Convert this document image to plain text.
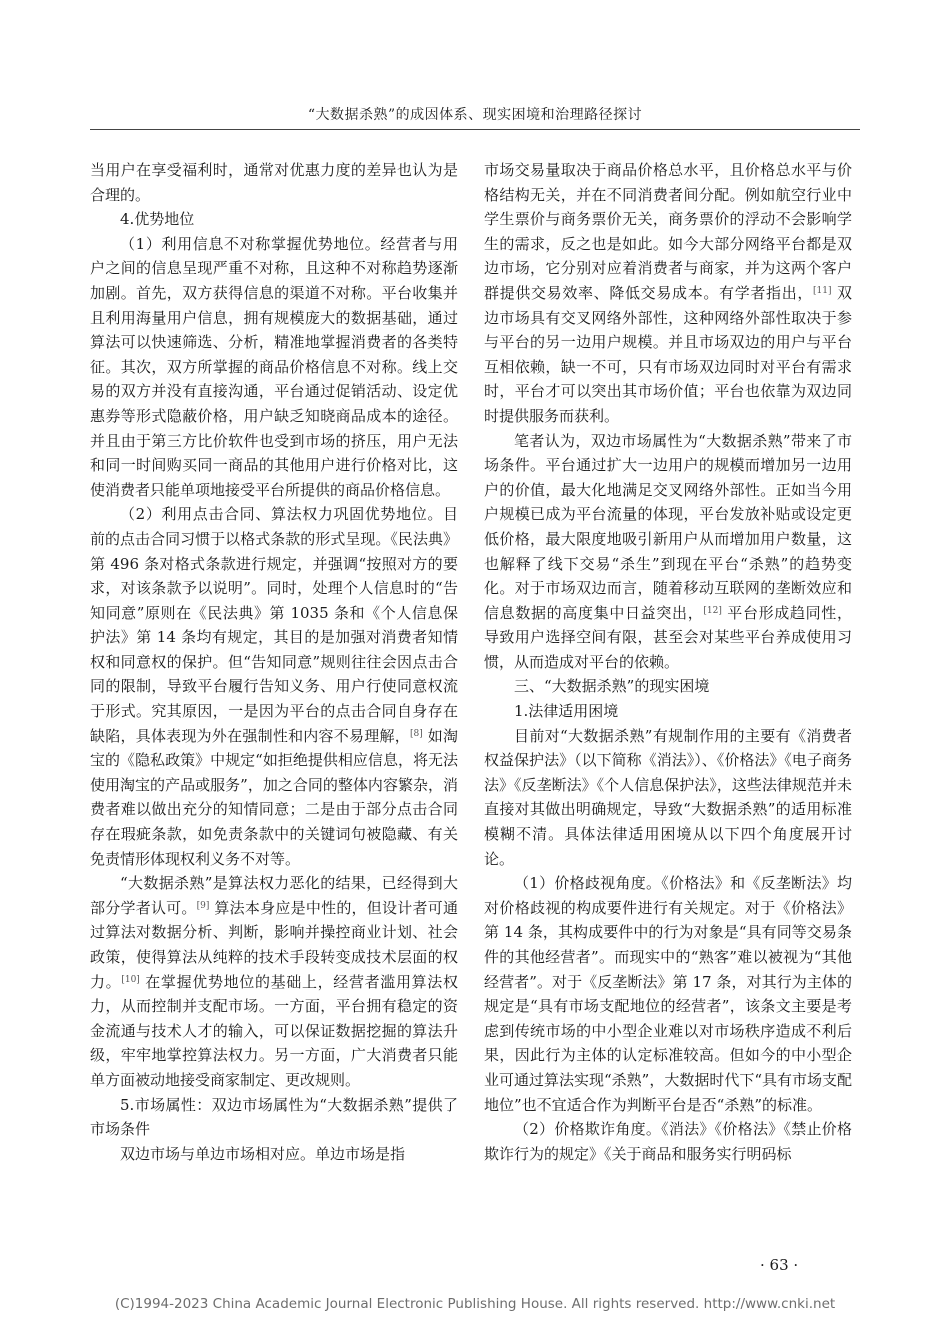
“大数据杀熟”的成因体系、现实困境和治理路径探讨

当用户在享受福利时，通常对优惠力度的差异也认为是合理的。

4.优势地位

（1）利用信息不对称掌握优势地位。经营者与用户之间的信息呈现严重不对称，且这种不对称趋势逐渐加剧。首先，双方获得信息的渠道不对称。平台收集并且利用海量用户信息，拥有规模庞大的数据基础，通过算法可以快速筛选、分析，精准地掌握消费者的各类特征。其次，双方所掌握的商品价格信息不对称。线上交易的双方并没有直接沟通，平台通过促销活动、设定优惠券等形式隐蔽价格，用户缺乏知晓商品成本的途径。并且由于第三方比价软件也受到市场的挤压，用户无法和同一时间购买同一商品的其他用户进行价格对比，这使消费者只能单项地接受平台所提供的商品价格信息。

（2）利用点击合同、算法权力巩固优势地位。目前的点击合同习惯于以格式条款的形式呈现。《民法典》第 496 条对格式条款进行规定，并强调“按照对方的要求，对该条款予以说明”。同时，处理个人信息时的“告知同意”原则在《民法典》第 1035 条和《个人信息保护法》第 14 条均有规定，其目的是加强对消费者知情权和同意权的保护。但“告知同意”规则往往会因点击合同的限制，导致平台履行告知义务、用户行使同意权流于形式。究其原因，一是因为平台的点击合同自身存在缺陷，具体表现为外在强制性和内容不易理解，[8] 如淘宝的《隐私政策》中规定“如拒绝提供相应信息，将无法使用淘宝的产品或服务”，加之合同的整体内容繁杂，消费者难以做出充分的知情同意；二是由于部分点击合同存在瑕疵条款，如免责条款中的关键词句被隐藏、有关免责情形体现权利义务不对等。

“大数据杀熟”是算法权力恶化的结果，已经得到大部分学者认可。[9] 算法本身应是中性的，但设计者可通过算法对数据分析、判断，影响并操控商业计划、社会政策，使得算法从纯粹的技术手段转变成技术层面的权力。[10] 在掌握优势地位的基础上，经营者滥用算法权力，从而控制并支配市场。一方面，平台拥有稳定的资金流通与技术人才的输入，可以保证数据挖掘的算法升级，牢牢地掌控算法权力。另一方面，广大消费者只能单方面被动地接受商家制定、更改规则。

5.市场属性：双边市场属性为“大数据杀熟”提供了市场条件

双边市场与单边市场相对应。单边市场是指

市场交易量取决于商品价格总水平，且价格总水平与价格结构无关，并在不同消费者间分配。例如航空行业中学生票价与商务票价无关，商务票价的浮动不会影响学生的需求，反之也是如此。如今大部分网络平台都是双边市场，它分别对应着消费者与商家，并为这两个客户群提供交易效率、降低交易成本。有学者指出，[11] 双边市场具有交叉网络外部性，这种网络外部性取决于参与平台的另一边用户规模。并且市场双边的用户与平台互相依赖，缺一不可，只有市场双边同时对平台有需求时，平台才可以突出其市场价值；平台也依靠为双边同时提供服务而获利。

笔者认为，双边市场属性为“大数据杀熟”带来了市场条件。平台通过扩大一边用户的规模而增加另一边用户的价值，最大化地满足交叉网络外部性。正如当今用户规模已成为平台流量的体现，平台发放补贴或设定更低价格，最大限度地吸引新用户从而增加用户数量，这也解释了线下交易“杀生”到现在平台“杀熟”的趋势变化。对于市场双边而言，随着移动互联网的垄断效应和信息数据的高度集中日益突出，[12] 平台形成趋同性，导致用户选择空间有限，甚至会对某些平台养成使用习惯，从而造成对平台的依赖。

三、“大数据杀熟”的现实困境

1.法律适用困境

目前对“大数据杀熟”有规制作用的主要有《消费者权益保护法》（以下简称《消法》）、《价格法》《电子商务法》《反垄断法》《个人信息保护法》，这些法律规范并未直接对其做出明确规定，导致“大数据杀熟”的适用标准模糊不清。具体法律适用困境从以下四个角度展开讨论。

（1）价格歧视角度。《价格法》和《反垄断法》均对价格歧视的构成要件进行有关规定。对于《价格法》第 14 条，其构成要件中的行为对象是“具有同等交易条件的其他经营者”。而现实中的“熟客”难以被视为“其他经营者”。对于《反垄断法》第 17 条，对其行为主体的规定是“具有市场支配地位的经营者”，该条文主要是考虑到传统市场的中小型企业难以对市场秩序造成不利后果，因此行为主体的认定标准较高。但如今的中小型企业可通过算法实现“杀熟”，大数据时代下“具有市场支配地位”也不宜适合作为判断平台是否“杀熟”的标准。

（2）价格欺诈角度。《消法》《价格法》《禁止价格欺诈行为的规定》《关于商品和服务实行明码标

· 63 ·
(C)1994-2023 China Academic Journal Electronic Publishing House. All rights reserved. http://www.cnki.net
